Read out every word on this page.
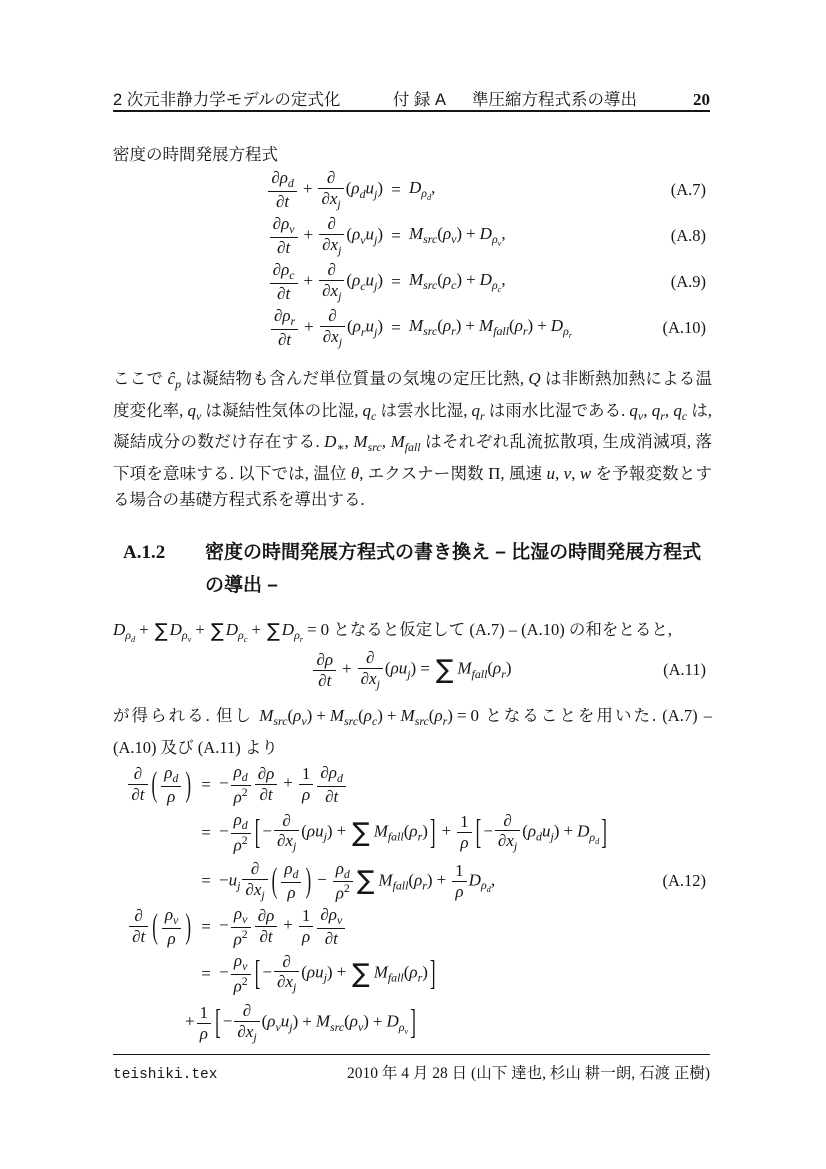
2 次元非静力学モデルの定式化	付 録 A 準圧縮方程式系の導出	20
密度の時間発展方程式
$\frac{\partial\rho_d}{\partial t}$ +
∂
$\partial x_j$
$(\rho_du_j) = D_{\rho_d}$,	(A.7)
$\frac{\partial\rho_v}{\partial t}$ +
∂
$\partial x_j$
$(\rho_vu_j) = M_{src}(\rho_v) + D_{\rho_v}$,	(A.8)
$\frac{\partial\rho_c}{\partial t}$ +
∂
$\partial x_j$
$(\rho_cu_j) = M_{src}(\rho_c) + D_{\rho_c}$,	(A.9)
$\frac{\partial\rho_r}{\partial t}$ +
∂
$\partial x_j$
$(\rho_ru_j) = M_{src}(\rho_r) + M_{fall}(\rho_r) + D_{\rho_r}$	(A.10)
ここで $ĉ_p$ は凝結物も含んだ単位質量の気塊の定圧比熱, Q は非断熱加熱による温度変化率, $q_v$ は凝結性気体の比湿, $q_c$ は雲水比湿, $q_r$ は雨水比湿である. $q_v$, $q_r$, $q_c$ は, 凝結成分の数だけ存在する. $D_∗$, $M_{src}$, $M_{fall}$ はそれぞれ乱流拡散項, 生成消滅項, 落下項を意味する. 以下では, 温位 θ, エクスナー関数 Π, 風速 u, v, w を予報変数とする場合の基礎方程式系を導出する.
A.1.2	密度の時間発展方程式の書き換え – 比湿の時間発展方程式
の導出 –
$D_{\rho_d}+$ ∑ $D_{\rho_v}+$ ∑ $D_{\rho_c}+$ ∑ $D_{\rho_r}= 0$ となると仮定して (A.7) – (A.10) の和をとると,
$\frac{\partial\rho}{\partial t}$ +
∂
$\partial x_j$
$(\rho u_j)$ = ∑ $M_{fall}(\rho_r)$	(A.11)
が得られる. 但し $M_{src}(\rho_v) + M_{src}(\rho_c) + M_{src}(\rho_r) = 0$ となることを用いた. (A.7) – (A.10) 及び (A.11) より
∂
∂t ( $\frac{\rho_d}{\rho}$ ) = − $\frac{\rho_d}{\rho^2} \frac{\partial\rho}{\partial t} + \frac{1}{\rho} \frac{\partial\rho_d}{\partial t}$
= − $\frac{\rho_d}{\rho^2}$ [ −
∂
$\partial x_j$
$(\rho u_j)$ + ∑ $M_{fall}(\rho_r)$ ] + $\frac{1}{\rho}$ [ −
∂
$\partial x_j$
$(\rho_du_j) + D_{\rho_d}$ ]
= $-u_j$
∂
$\partial x_j$ ( $\frac{\rho_d}{\rho}$ ) − $\frac{\rho_d}{\rho^2}$ ∑ $M_{fall}(\rho_r) + \frac{1}{\rho} D_{\rho_d}$,	(A.12)
∂
∂t ( $\frac{\rho_v}{\rho}$ ) = − $\frac{\rho_v}{\rho^2} \frac{\partial\rho}{\partial t} + \frac{1}{\rho} \frac{\partial\rho_v}{\partial t}$
= − $\frac{\rho_v}{\rho^2}$ [ −
∂
$\partial x_j$
$(\rho u_j)$ + ∑ $M_{fall}(\rho_r)$ ]
+ $\frac{1}{\rho}$ [ −
∂
$\partial x_j$
$(\rho_vu_j) + M_{src}(\rho_v) + D_{\rho_v}$ ]
teishiki.tex	2010 年 4 月 28 日 (山下 達也, 杉山 耕一朗, 石渡 正樹)
